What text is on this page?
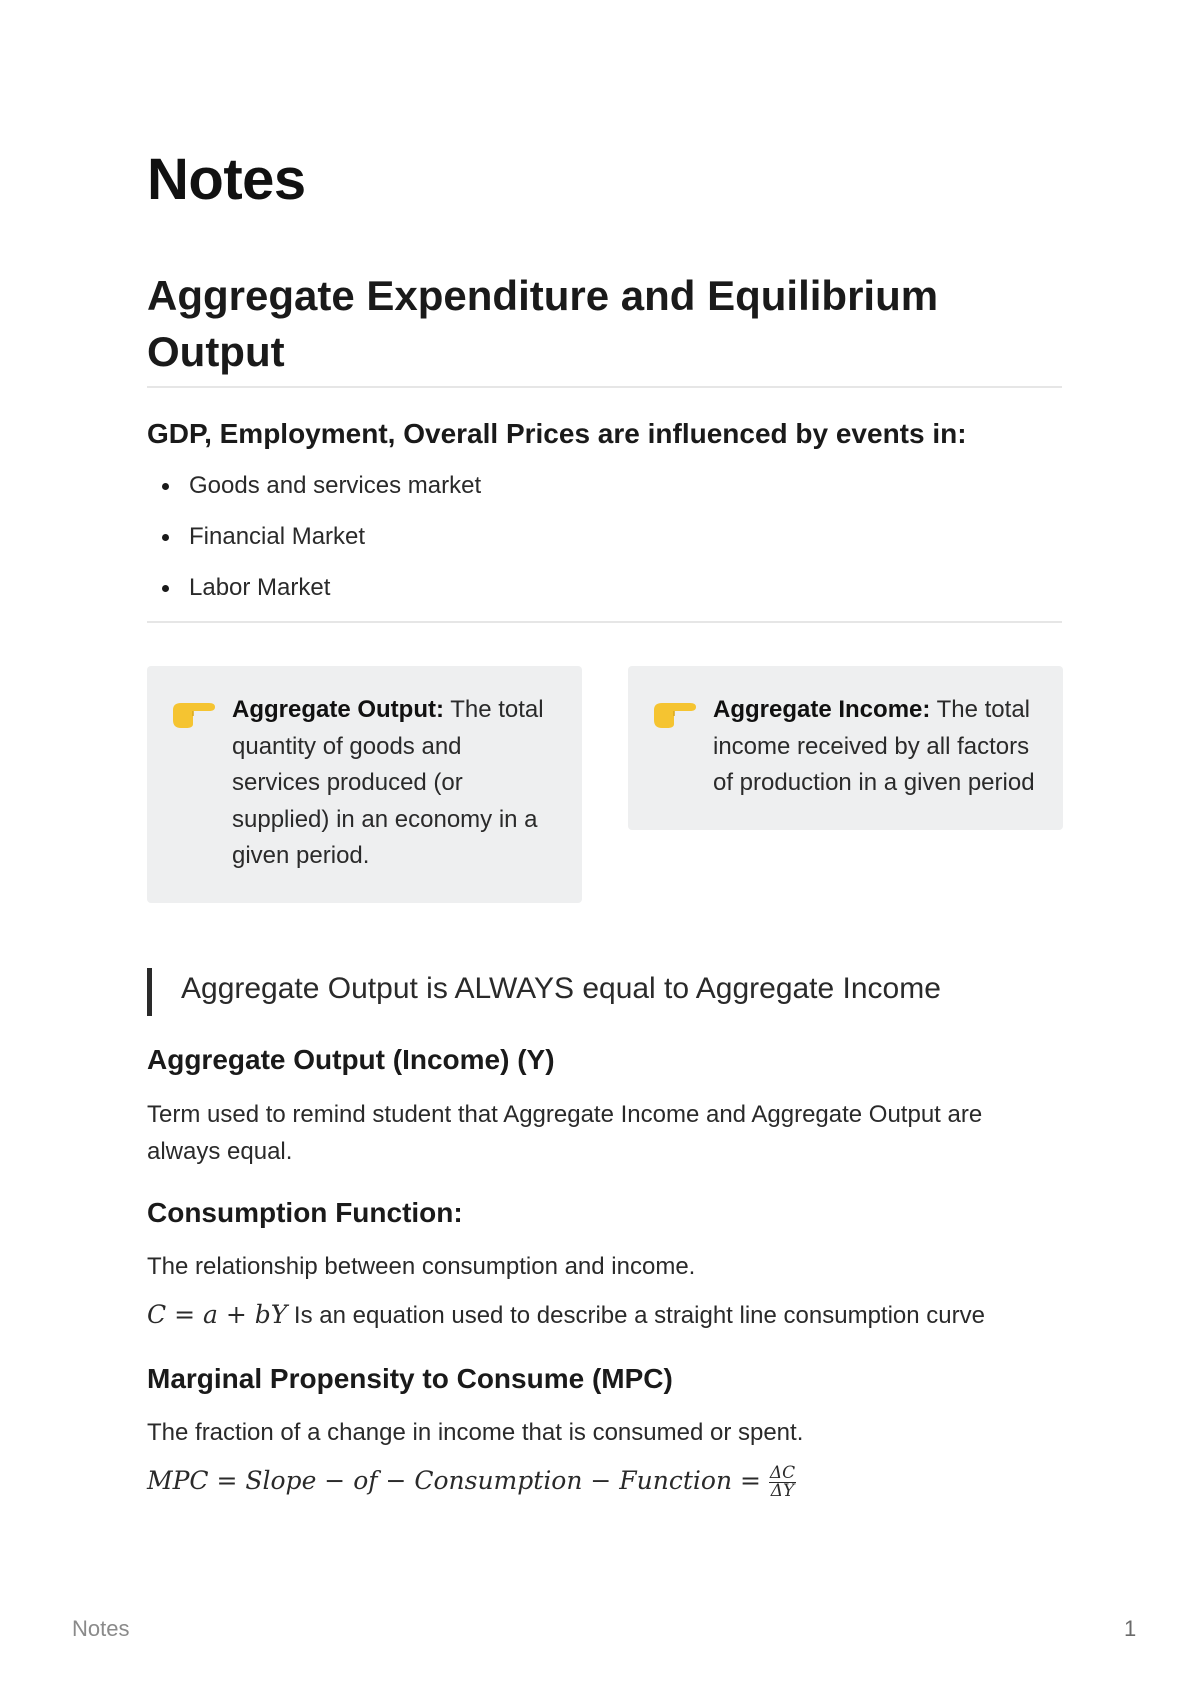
Notes
Aggregate Expenditure and Equilibrium Output
GDP, Employment, Overall Prices are influenced by events in:
Goods and services market
Financial Market
Labor Market
Aggregate Output: The total quantity of goods and services produced (or supplied) in an economy in a given period.
Aggregate Income: The total income received by all factors of production in a given period
Aggregate Output is ALWAYS equal to Aggregate Income
Aggregate Output (Income) (Y)

Term used to remind student that Aggregate Income and Aggregate Output are always equal.

Consumption Function:

The relationship between consumption and income.

C = a + bY Is an equation used to describe a straight line consumption curve

Marginal Propensity to Consume (MPC)

The fraction of a change in income that is consumed or spent.

MPC = Slope − of − Consumption − Function = $\frac{\Delta C}{\Delta Y}$

Notes	1
